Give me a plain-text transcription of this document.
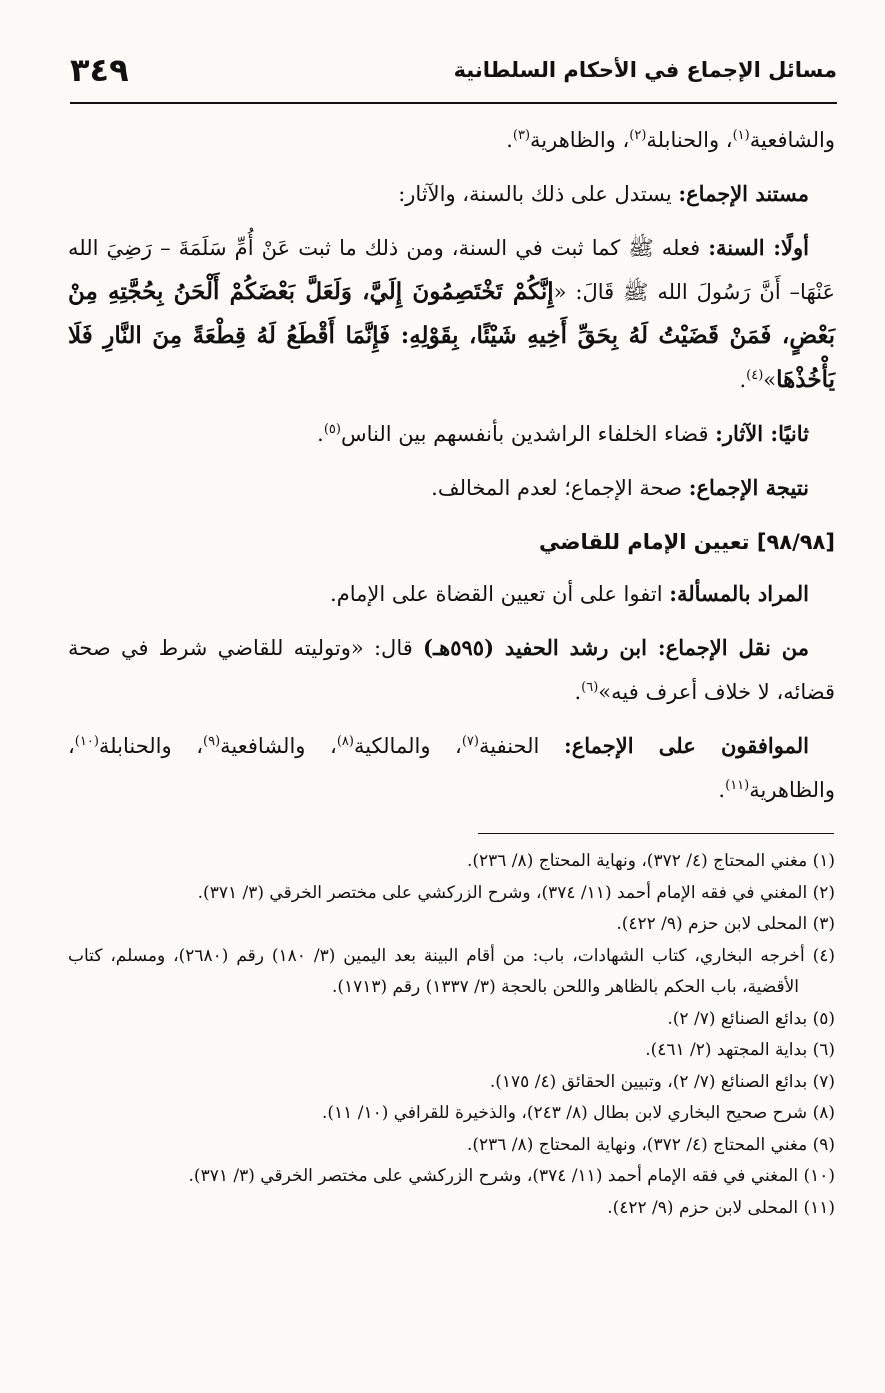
٣٤٩	مسائل الإجماع في الأحكام السلطانية

والشافعية$^{(١)}$، والحنابلة$^{(٢)}$، والظاهرية$^{(٣)}$.

مستند الإجماع: يستدل على ذلك بالسنة، والآثار:

أولًا: السنة: فعله ﷺ كما ثبت في السنة، ومن ذلك ما ثبت عَنْ أُمِّ سَلَمَةَ – رَضِيَ الله عَنْهَا– أَنَّ رَسُولَ الله ﷺ قَالَ: «إِنَّكُمْ تَخْتَصِمُونَ إِلَيَّ، وَلَعَلَّ بَعْضَكُمْ أَلْحَنُ بِحُجَّتِهِ مِنْ بَعْضٍ، فَمَنْ قَضَيْتُ لَهُ بِحَقِّ أَخِيهِ شَيْئًا، بِقَوْلِهِ: فَإِنَّمَا أَقْطَعُ لَهُ قِطْعَةً مِنَ النَّارِ فَلَا يَأْخُذْهَا»$^{(٤)}$.

ثانيًا: الآثار: قضاء الخلفاء الراشدين بأنفسهم بين الناس$^{(٥)}$.

نتيجة الإجماع: صحة الإجماع؛ لعدم المخالف.

[٩٨/٩٨] تعيين الإمام للقاضي

المراد بالمسألة: اتفوا على أن تعيين القضاة على الإمام.

من نقل الإجماع: ابن رشد الحفيد (٥٩٥هـ) قال: «وتوليته للقاضي شرط في صحة قضائه، لا خلاف أعرف فيه»$^{(٦)}$.

الموافقون على الإجماع: الحنفية$^{(٧)}$، والمالكية$^{(٨)}$، والشافعية$^{(٩)}$، والحنابلة$^{(١٠)}$، والظاهرية$^{(١١)}$.

(١) مغني المحتاج (٤/ ٣٧٢)، ونهاية المحتاج (٨/ ٢٣٦).

(٢) المغني في فقه الإمام أحمد (١١/ ٣٧٤)، وشرح الزركشي على مختصر الخرقي (٣/ ٣٧١).

(٣) المحلى لابن حزم (٩/ ٤٢٢).

(٤) أخرجه البخاري، كتاب الشهادات، باب: من أقام البينة بعد اليمين (٣/ ١٨٠) رقم (٢٦٨٠)، ومسلم، كتاب الأقضية، باب الحكم بالظاهر واللحن بالحجة (٣/ ١٣٣٧) رقم (١٧١٣).

(٥) بدائع الصنائع (٧/ ٢).

(٦) بداية المجتهد (٢/ ٤٦١).

(٧) بدائع الصنائع (٧/ ٢)، وتبيين الحقائق (٤/ ١٧٥).

(٨) شرح صحيح البخاري لابن بطال (٨/ ٢٤٣)، والذخيرة للقرافي (١٠/ ١١).

(٩) مغني المحتاج (٤/ ٣٧٢)، ونهاية المحتاج (٨/ ٢٣٦).

(١٠) المغني في فقه الإمام أحمد (١١/ ٣٧٤)، وشرح الزركشي على مختصر الخرقي (٣/ ٣٧١).

(١١) المحلى لابن حزم (٩/ ٤٢٢).
